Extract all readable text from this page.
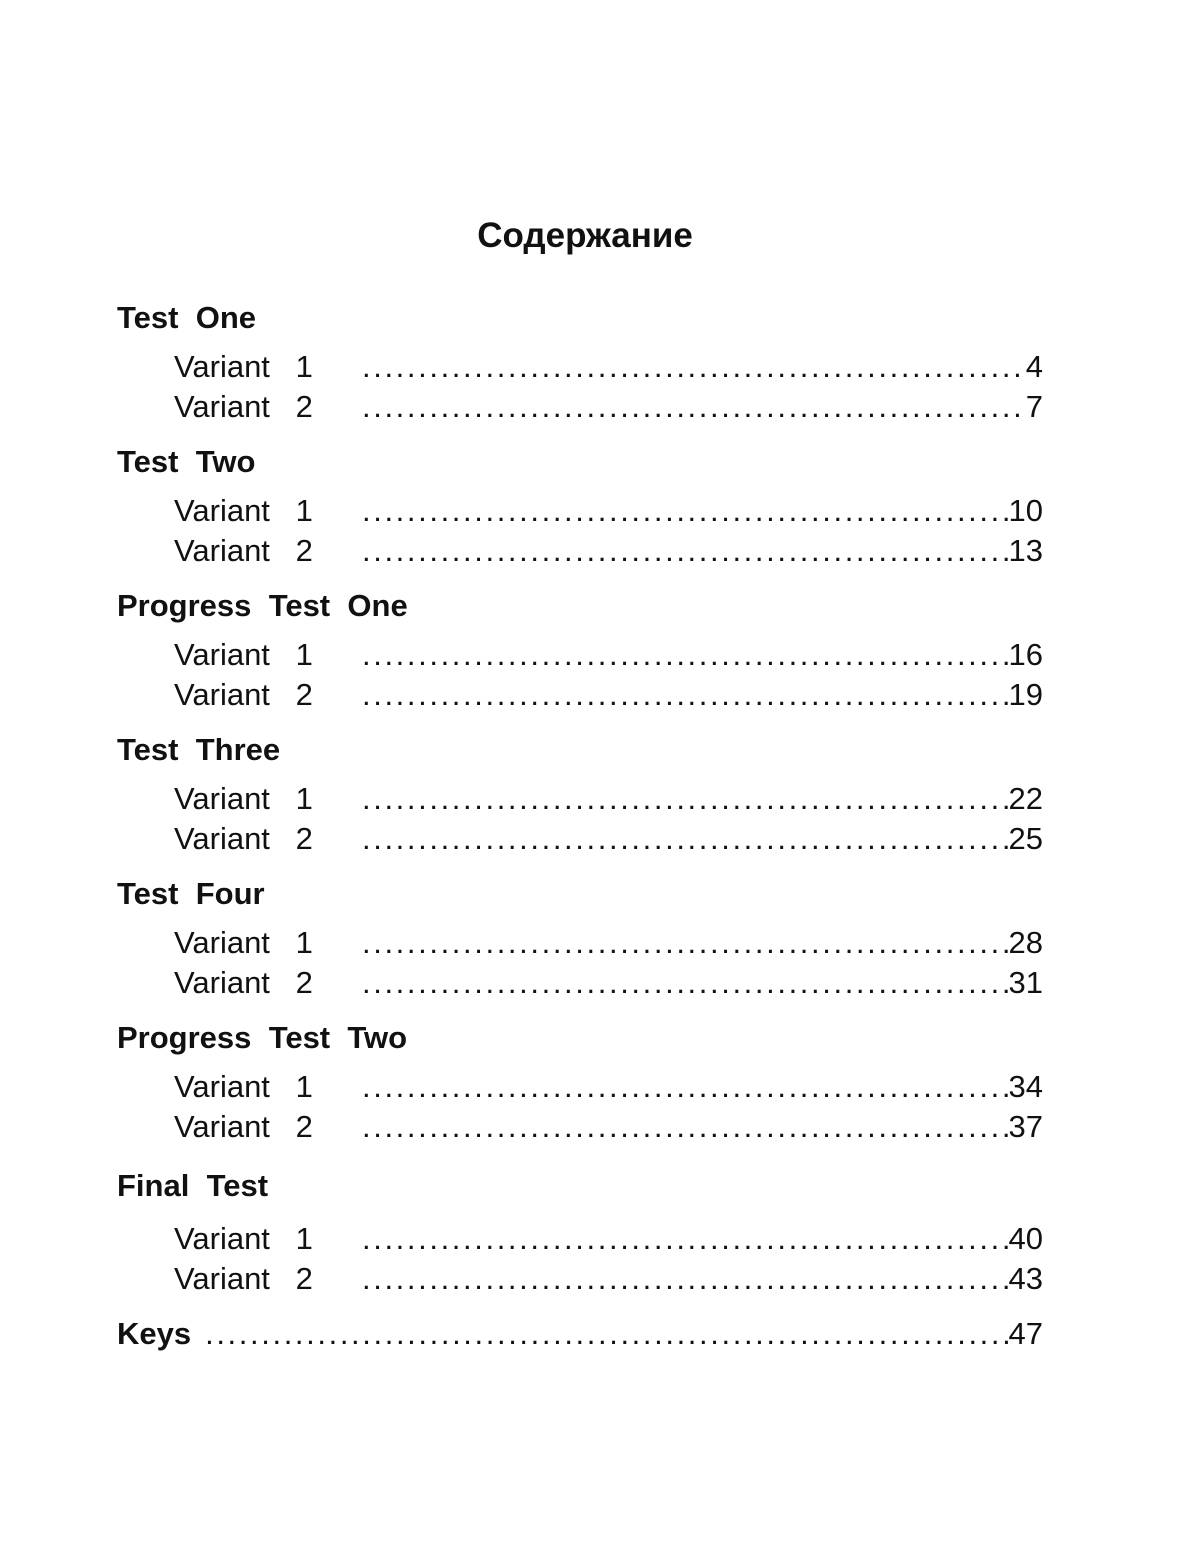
Содержание
Test One
Variant 1 . . .	4
Variant 2 . . .	7
Test Two
Variant 1 . . .	10
Variant 2 . . .	13
Progress Test One
Variant 1 . . .	16
Variant 2 . . .	19
Test Three
Variant 1 . . .	22
Variant 2 . . .	25
Test Four
Variant 1 . . .	28
Variant 2 . . .	31
Progress Test Two
Variant 1 . . .	34
Variant 2 . . .	37
Final Test
Variant 1 . . .	40
Variant 2 . . .	43
Keys . . .	47
